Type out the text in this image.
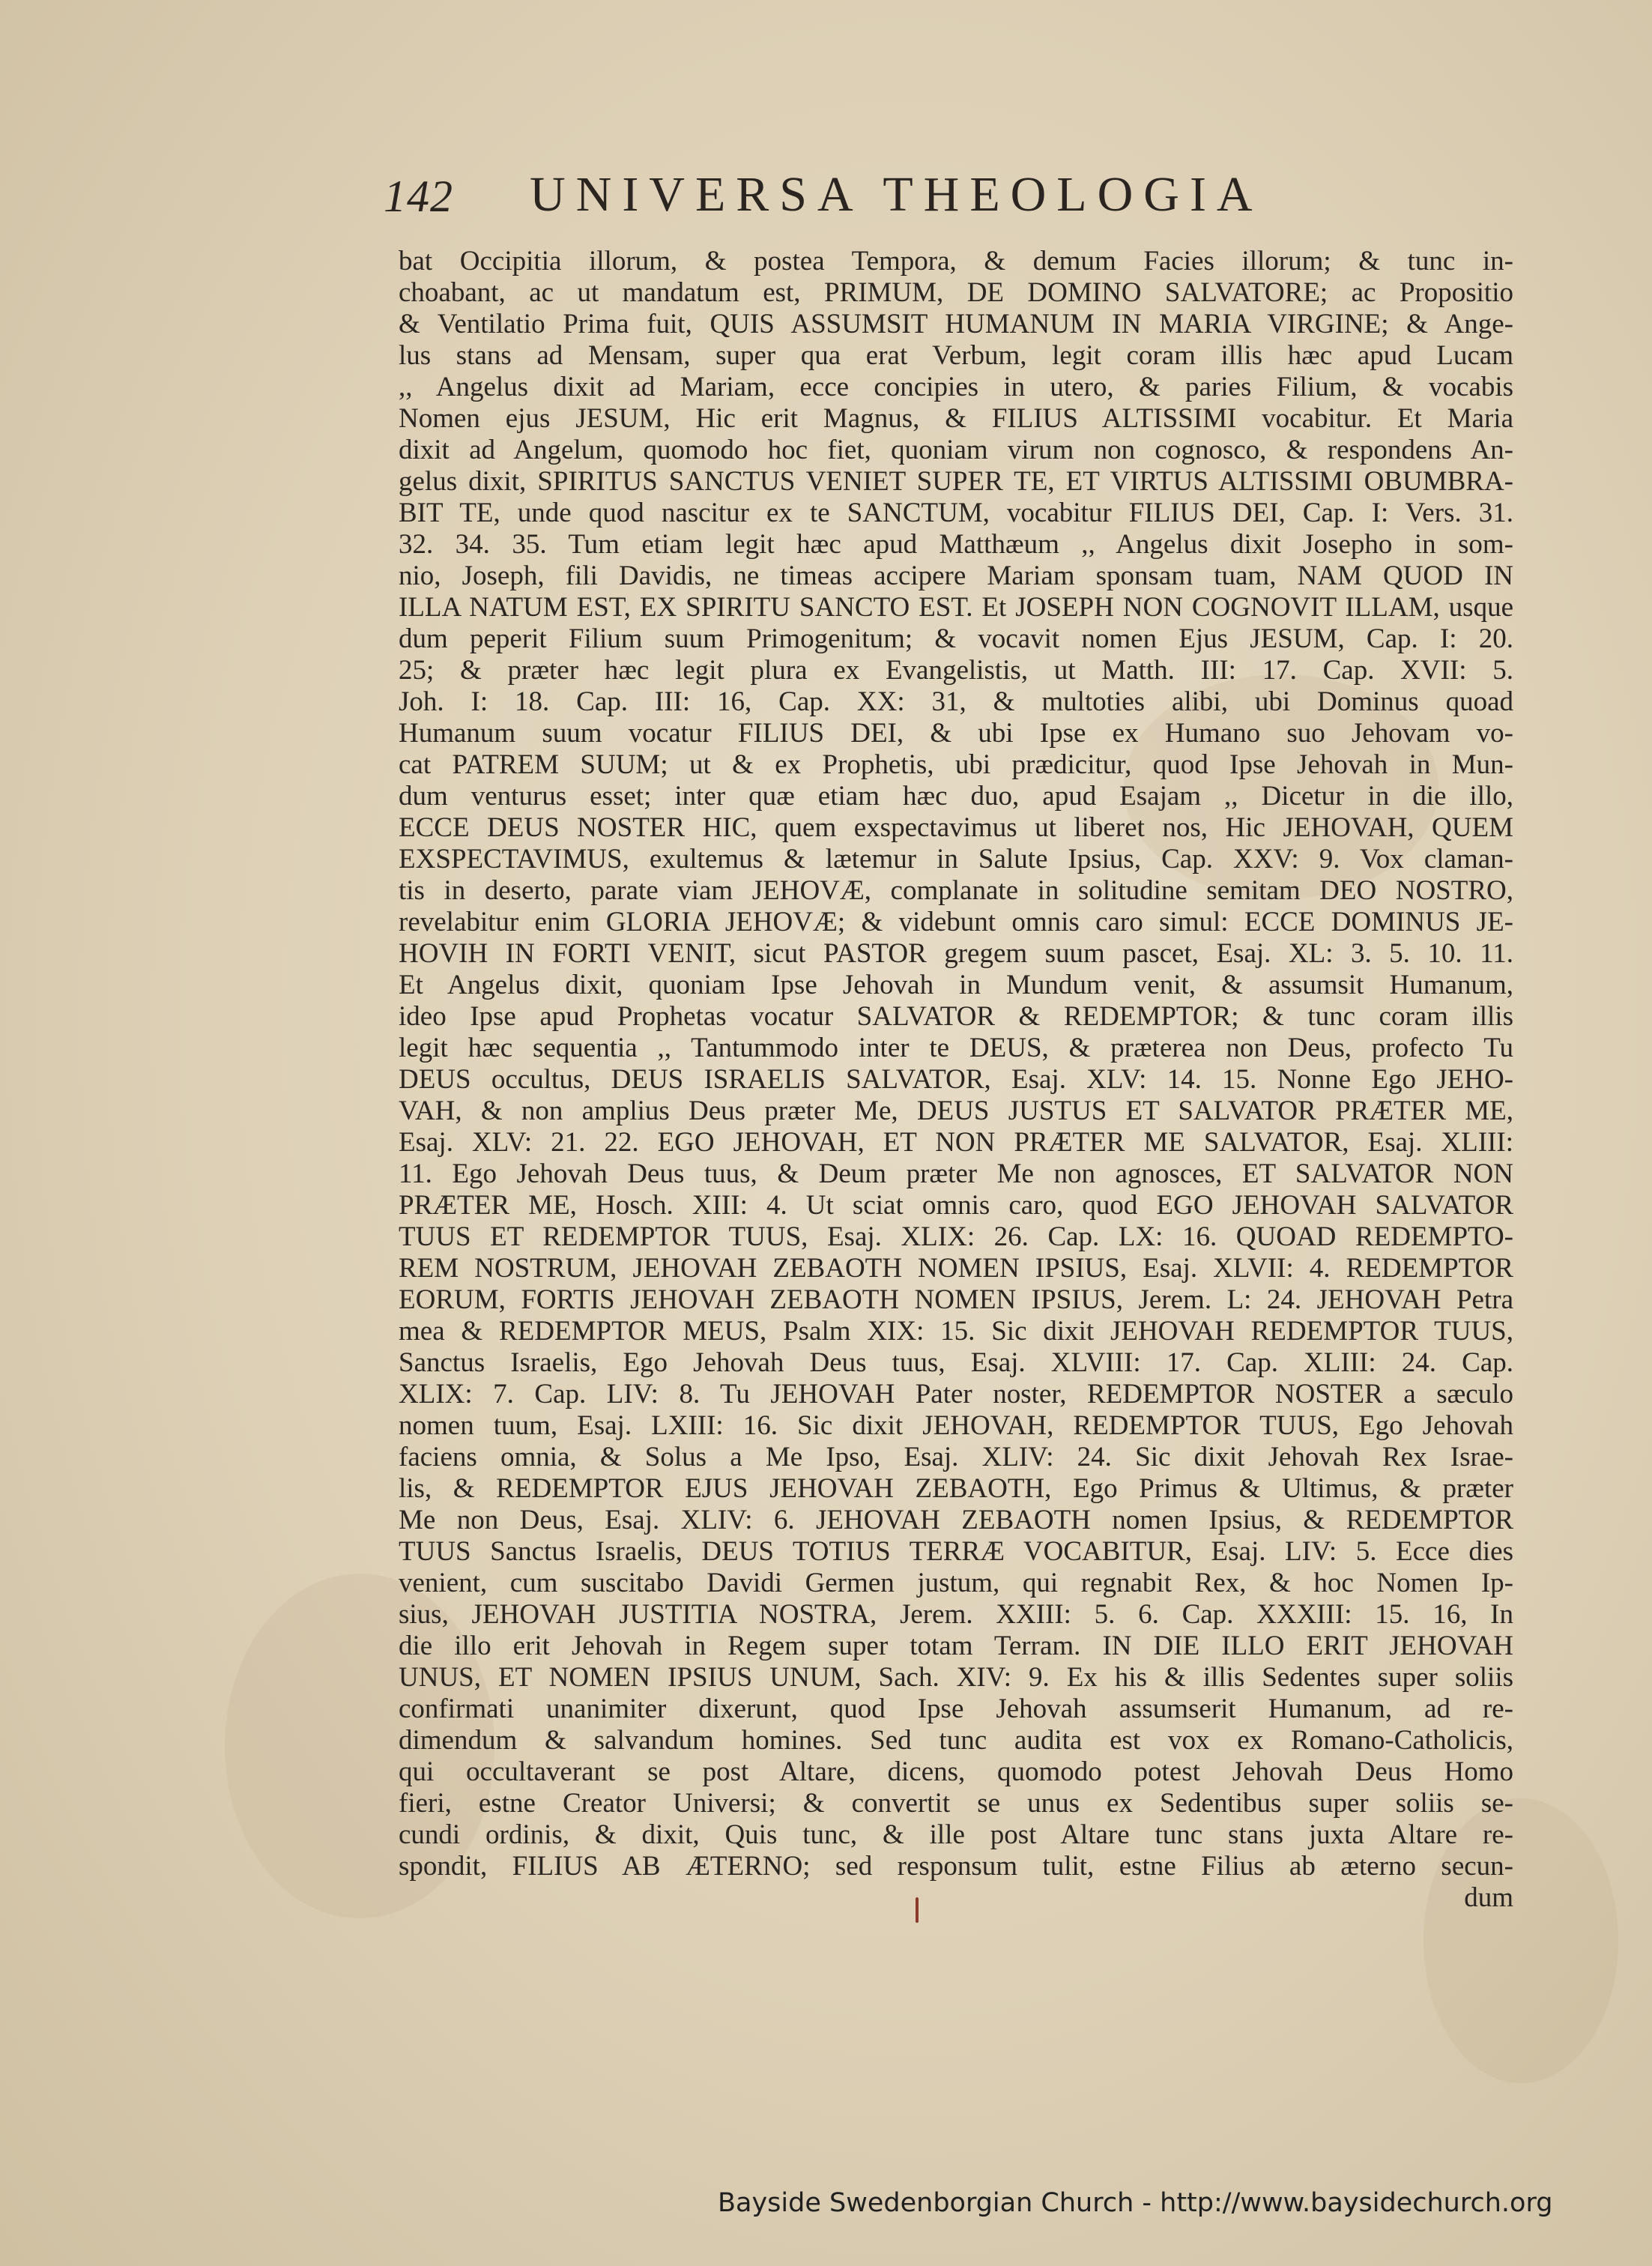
142 UNIVERSA THEOLOGIA
bat Occipitia illorum, & postea Tempora, & demum Facies illorum; & tunc in-
choabant, ac ut mandatum est, PRIMUM, DE DOMINO SALVATORE; ac Propositio
& Ventilatio Prima fuit, QUIS ASSUMSIT HUMANUM IN MARIA VIRGINE; & Ange-
lus stans ad Mensam, super qua erat Verbum, legit coram illis hæc apud Lucam
,, Angelus dixit ad Mariam, ecce concipies in utero, & paries Filium, & vocabis
Nomen ejus JESUM, Hic erit Magnus, & FILIUS ALTISSIMI vocabitur. Et Maria
dixit ad Angelum, quomodo hoc fiet, quoniam virum non cognosco, & respondens An-
gelus dixit, SPIRITUS SANCTUS VENIET SUPER TE, ET VIRTUS ALTISSIMI OBUMBRA-
BIT TE, unde quod nascitur ex te SANCTUM, vocabitur FILIUS DEI, Cap. I: Vers. 31.
32. 34. 35. Tum etiam legit hæc apud Matthæum ,, Angelus dixit Josepho in som-
nio, Joseph, fili Davidis, ne timeas accipere Mariam sponsam tuam, NAM QUOD IN
ILLA NATUM EST, EX SPIRITU SANCTO EST. Et JOSEPH NON COGNOVIT ILLAM, usque
dum peperit Filium suum Primogenitum; & vocavit nomen Ejus JESUM, Cap. I: 20.
25; & præter hæc legit plura ex Evangelistis, ut Matth. III: 17. Cap. XVII: 5.
Joh. I: 18. Cap. III: 16, Cap. XX: 31, & multoties alibi, ubi Dominus quoad
Humanum suum vocatur FILIUS DEI, & ubi Ipse ex Humano suo Jehovam vo-
cat PATREM SUUM; ut & ex Prophetis, ubi prædicitur, quod Ipse Jehovah in Mun-
dum venturus esset; inter quæ etiam hæc duo, apud Esajam ,, Dicetur in die illo,
ECCE DEUS NOSTER HIC, quem exspectavimus ut liberet nos, Hic JEHOVAH, QUEM
EXSPECTAVIMUS, exultemus & lætemur in Salute Ipsius, Cap. XXV: 9. Vox claman-
tis in deserto, parate viam JEHOVÆ, complanate in solitudine semitam DEO NOSTRO,
revelabitur enim GLORIA JEHOVÆ; & videbunt omnis caro simul: ECCE DOMINUS JE-
HOVIH IN FORTI VENIT, sicut PASTOR gregem suum pascet, Esaj. XL: 3. 5. 10. 11.
Et Angelus dixit, quoniam Ipse Jehovah in Mundum venit, & assumsit Humanum,
ideo Ipse apud Prophetas vocatur SALVATOR & REDEMPTOR; & tunc coram illis
legit hæc sequentia ,, Tantummodo inter te DEUS, & præterea non Deus, profecto Tu
DEUS occultus, DEUS ISRAELIS SALVATOR, Esaj. XLV: 14. 15. Nonne Ego JEHO-
VAH, & non amplius Deus præter Me, DEUS JUSTUS ET SALVATOR PRÆTER ME,
Esaj. XLV: 21. 22. EGO JEHOVAH, ET NON PRÆTER ME SALVATOR, Esaj. XLIII:
11. Ego Jehovah Deus tuus, & Deum præter Me non agnosces, ET SALVATOR NON
PRÆTER ME, Hosch. XIII: 4. Ut sciat omnis caro, quod EGO JEHOVAH SALVATOR
TUUS ET REDEMPTOR TUUS, Esaj. XLIX: 26. Cap. LX: 16. QUOAD REDEMPTO-
REM NOSTRUM, JEHOVAH ZEBAOTH NOMEN IPSIUS, Esaj. XLVII: 4. REDEMPTOR
EORUM, FORTIS JEHOVAH ZEBAOTH NOMEN IPSIUS, Jerem. L: 24. JEHOVAH Petra
mea & REDEMPTOR MEUS, Psalm XIX: 15. Sic dixit JEHOVAH REDEMPTOR TUUS,
Sanctus Israelis, Ego Jehovah Deus tuus, Esaj. XLVIII: 17. Cap. XLIII: 24. Cap.
XLIX: 7. Cap. LIV: 8. Tu JEHOVAH Pater noster, REDEMPTOR NOSTER a sæculo
nomen tuum, Esaj. LXIII: 16. Sic dixit JEHOVAH, REDEMPTOR TUUS, Ego Jehovah
faciens omnia, & Solus a Me Ipso, Esaj. XLIV: 24. Sic dixit Jehovah Rex Israe-
lis, & REDEMPTOR EJUS JEHOVAH ZEBAOTH, Ego Primus & Ultimus, & præter
Me non Deus, Esaj. XLIV: 6. JEHOVAH ZEBAOTH nomen Ipsius, & REDEMPTOR
TUUS Sanctus Israelis, DEUS TOTIUS TERRÆ VOCABITUR, Esaj. LIV: 5. Ecce dies
venient, cum suscitabo Davidi Germen justum, qui regnabit Rex, & hoc Nomen Ip-
sius, JEHOVAH JUSTITIA NOSTRA, Jerem. XXIII: 5. 6. Cap. XXXIII: 15. 16, In
die illo erit Jehovah in Regem super totam Terram. IN DIE ILLO ERIT JEHOVAH
UNUS, ET NOMEN IPSIUS UNUM, Sach. XIV: 9. Ex his & illis Sedentes super soliis
confirmati unanimiter dixerunt, quod Ipse Jehovah assumserit Humanum, ad re-
dimendum & salvandum homines. Sed tunc audita est vox ex Romano-Catholicis,
qui occultaverant se post Altare, dicens, quomodo potest Jehovah Deus Homo
fieri, estne Creator Universi; & convertit se unus ex Sedentibus super soliis se-
cundi ordinis, & dixit, Quis tunc, & ille post Altare tunc stans juxta Altare re-
spondit, FILIUS AB ÆTERNO; sed responsum tulit, estne Filius ab æterno secun-
dum
Bayside Swedenborgian Church - http://www.baysidechurch.org
